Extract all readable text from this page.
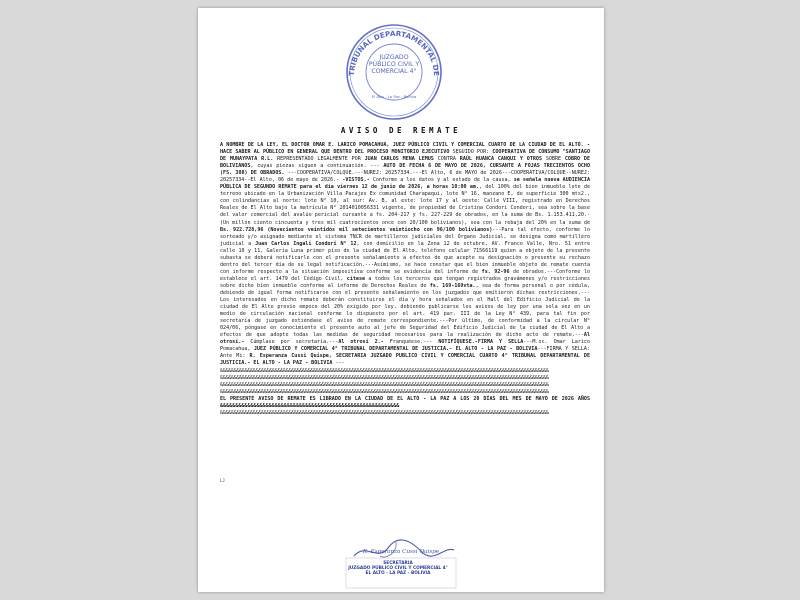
TRIBUNAL DEPARTAMENTAL DE
JUZGADO PÚBLICO CIVIL Y COMERCIAL 4°
El Alto - La Paz - Bolivia
AVISO DE REMATE
A NOMBRE DE LA LEY, EL DOCTOR OMAR E. LARICO POMACAHUA, JUEZ PÚBLICO CIVIL Y COMERCIAL CUARTO DE LA CIUDAD DE EL ALTO. - HACE SABER AL PÚBLICO EN GENERAL QUE DENTRO DEL PROCESO MONITORIO EJECUTIVO SEGUIDO POR: COOPERATIVA DE CONSUMO "SANTIAGO DE MUNAYPATA R.L. REPRESENTADO LEGALMENTE POR JUAN CARLOS MENA LEMUS CONTRA RAÚL HUANCA CANQUI Y OTROS SOBRE COBRO DE BOLIVIANOS, cuyas piezas siguen a continuación. --- AUTO DE FECHA 6 DE MAYO DE 2026, CURSANTE A FOJAS TRECIENTOS OCHO (FS. 308) DE OBRADOS. ---COOPERATIVA/COLQUE.---NUREJ: 20257334.---El Alto, 6 de MAYO de 2026---COOPERATIVA/COLQUE--NUREJ: 20257334--El Alto, 06 de mayo de 2026.- -VISTOS.- Conforme a los datos y al estado de la causa, se señala nueva AUDIENCIA PÚBLICA DE SEGUNDO REMATE para el día viernes 12 de junio de 2026, a horas 10:00 am., del 100% del bien inmueble lote de terreno ubicado en la Urbanización Villa Pacajes Ex comunidad Charapaqui, lote N° 16, manzano E, de superficie 300 mts2., con colindancias al norte: lote N° 10, al sur: Av. B, al este: lote 17 y al oeste: Calle VIII, registrado en Derechos Reales de El Alto bajo la matrícula N° 2014010056331 vigente, de propiedad de Cristina Condori Condori, sea sobre la base del valor comercial del avalúo pericial cursante a fs. 204-217 y fs. 227-229 de obrados, en la suma de Bs. 1.153.411,20.- (Un millón ciento cincuenta y tres mil cuatrocientos once con 20/100 bolivianos), sea con la rebaja del 20% en la suma de Bs. 922.728,96 (Novecientos veintidós mil setecientos veintiocho con 96/100 bolivianos)---Para tal efecto, conforme lo sorteado y/o asignado mediante el sistema TNCR de martilleros judiciales del Órgano Judicial, se designa como martillero judicial a Juan Carlos Ingali Condori N° 12, con domicilio en la Zona 12 de octubre, AV. Franco Valle, Nro. 51 entre calle 10 y 11, Galería Luna primer piso de la ciudad de El Alto, teléfono celular 71566119 quien a objeto de la presente subasta se deberá notificarle con el presente señalamiento a efectos de que acepte su designación o presente su rechazo dentro del tercer día de su legal notificación.---Asimismo, se hace constar que el bien inmueble objeto de remate cuenta con informe respecto a la situación impositiva conforme se evidencia del informe de fs. 92-96 de obrados.---Conforme lo establece el art. 1479 del Código Civil, cítese a todos los terceros que tengan registrados gravámenes y/o restricciones sobre dicho bien inmueble conforme al informe de Derechos Reales de fs. 169-169vta., sea de forma personal o por cédula, debiendo de igual forma notificarse con el presente señalamiento en los juzgados que emitieron dichas restricciones.---Los interesados en dicho remate deberán constituirse el día y hora señalados en el Hall del Edificio Judicial de la ciudad de El Alto previo empoce del 20% exigido por ley, debiendo publicarse los avisos de ley por una sola vez en un medio de circulación nacional conforme lo dispuesto por el art. 419 par. III de la Ley N° 439, para tal fin por secretaría de juzgado extiéndase el aviso de remate correspondiente.---Por último, de conformidad a la circular N° 024/06, póngase en conocimiento el presente auto al jefe de Seguridad del Edificio Judicial de la ciudad de El Alto a efectos de que adopte todas las medidas de seguridad necesarios para la realización de dicho acto de remate.---Al otrosí.- Cúmplase por secretaría.---Al otrosí 2.- Franquéese.--- NOTIFÍQUESE.-FIRMA Y SELLA---M.sc. Omar Larico Pomacahua, JUEZ PÚBLICO Y COMERCIAL 4° TRIBUNAL DEPARTAMENTAL DE JUSTICIA.- EL ALTO - LA PAZ - BOLIVIA---FIRMA Y SELLA: Ante Mi: R. Esperanza Cussi Quispe, SECRETARIA JUZGADO PUBLICO CIVIL Y COMERCIAL CUARTO 4° TRIBUNAL DEPARTAMENTAL DE JUSTICIA.- EL ALTO - LA PAZ - BOLIVIA ---
&&&&&&&&&&&&&&&&&&&&&&&&&&&&&&&&&&&&&&&&&&&&&&&&&&&&&&&&&&&&&&&&&&&&&&&&&&&&&&&&&&&&&&&&&&&&&&&&&&&&&&&&&&&&&&&&&&&&&&&&
&&&&&&&&&&&&&&&&&&&&&&&&&&&&&&&&&&&&&&&&&&&&&&&&&&&&&&&&&&&&&&&&&&&&&&&&&&&&&&&&&&&&&&&&&&&&&&&&&&&&&&&&&&&&&&&&&&&&&&&&
&&&&&&&&&&&&&&&&&&&&&&&&&&&&&&&&&&&&&&&&&&&&&&&&&&&&&&&&&&&&&&&&&&&&&&&&&&&&&&&&&&&&&&&&&&&&&&&&&&&&&&&&&&&&&&&&&&&&&&&&
&&&&&&&&&&&&&&&&&&&&&&&&&&&&&&&&&&&&&&&&&&&&&&&&&&&&&&&&&&&&&&&&&&&&&&&&&&&&&&&&&&&&&&&&&&&&&&&&&&&&&&&&&&&&&&&&&&&&&&&&
EL PRESENTE AVISO DE REMATE ES LIBRADO EN LA CIUDAD DE EL ALTO - LA PAZ A LOS 20 DÍAS DEL MES DE MAYO DE 2026 AÑOS &&&&&&&&&&&&&&&&&&&&&&&&&&&&&&&&&&&&&&&&&&&&&&&&&&&&&&&&&&&
&&&&&&&&&&&&&&&&&&&&&&&&&&&&&&&&&&&&&&&&&&&&&&&&&&&&&&&&&&&&&&&&&&&&&&&&&&&&&&&&&&&&&&&&&&&&&&&&&&&&&&&&&&&&&&&&&&&&&&&&
LJ
R. Esperanza Cussi Quispe
SECRETARIA
JUZGADO PÚBLICO CIVIL Y COMERCIAL 4°
EL ALTO - LA PAZ - BOLIVIA
